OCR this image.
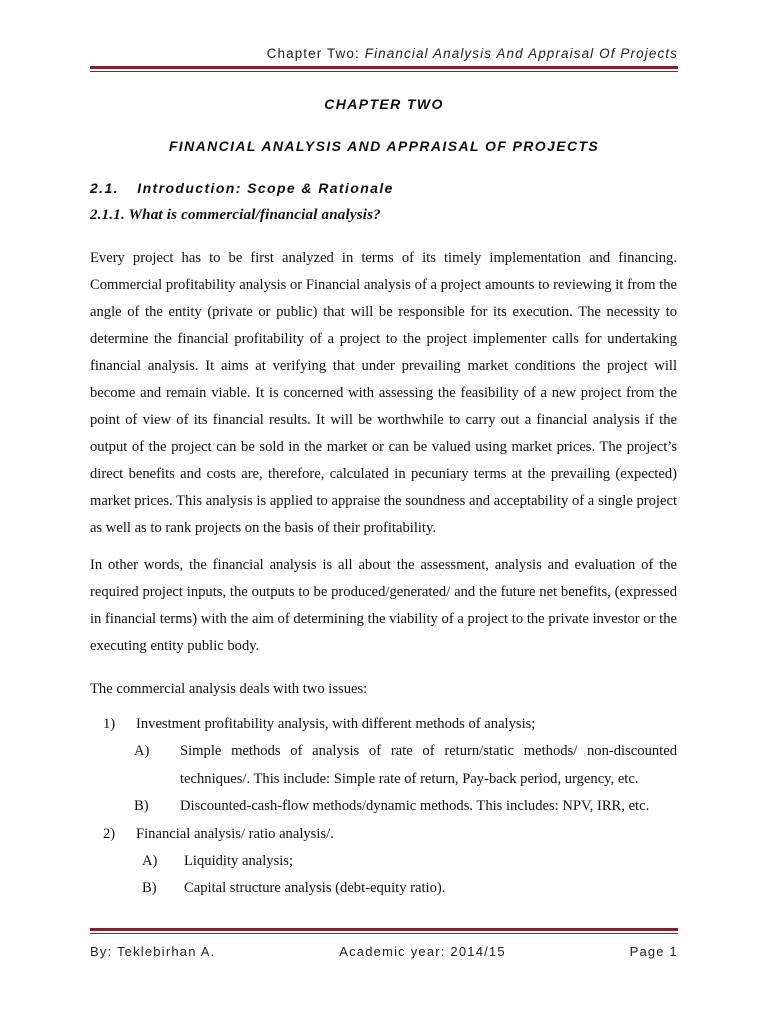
Chapter Two: Financial Analysis And Appraisal Of Projects
CHAPTER TWO
FINANCIAL ANALYSIS AND APPRAISAL OF PROJECTS
2.1. Introduction: Scope & Rationale
2.1.1. What is commercial/financial analysis?
Every project has to be first analyzed in terms of its timely implementation and financing. Commercial profitability analysis or Financial analysis of a project amounts to reviewing it from the angle of the entity (private or public) that will be responsible for its execution. The necessity to determine the financial profitability of a project to the project implementer calls for undertaking financial analysis. It aims at verifying that under prevailing market conditions the project will become and remain viable. It is concerned with assessing the feasibility of a new project from the point of view of its financial results. It will be worthwhile to carry out a financial analysis if the output of the project can be sold in the market or can be valued using market prices. The project’s direct benefits and costs are, therefore, calculated in pecuniary terms at the prevailing (expected) market prices. This analysis is applied to appraise the soundness and acceptability of a single project as well as to rank projects on the basis of their profitability.
In other words, the financial analysis is all about the assessment, analysis and evaluation of the required project inputs, the outputs to be produced/generated/ and the future net benefits, (expressed in financial terms) with the aim of determining the viability of a project to the private investor or the executing entity public body.
The commercial analysis deals with two issues:
1) Investment profitability analysis, with different methods of analysis;
A) Simple methods of analysis of rate of return/static methods/ non-discounted
techniques/. This include: Simple rate of return, Pay-back period, urgency, etc.
B) Discounted-cash-flow methods/dynamic methods. This includes: NPV, IRR, etc.
2) Financial analysis/ ratio analysis/.
A) Liquidity analysis;
B) Capital structure analysis (debt-equity ratio).
By: Teklebirhan A.	Academic year: 2014/15	Page 1
